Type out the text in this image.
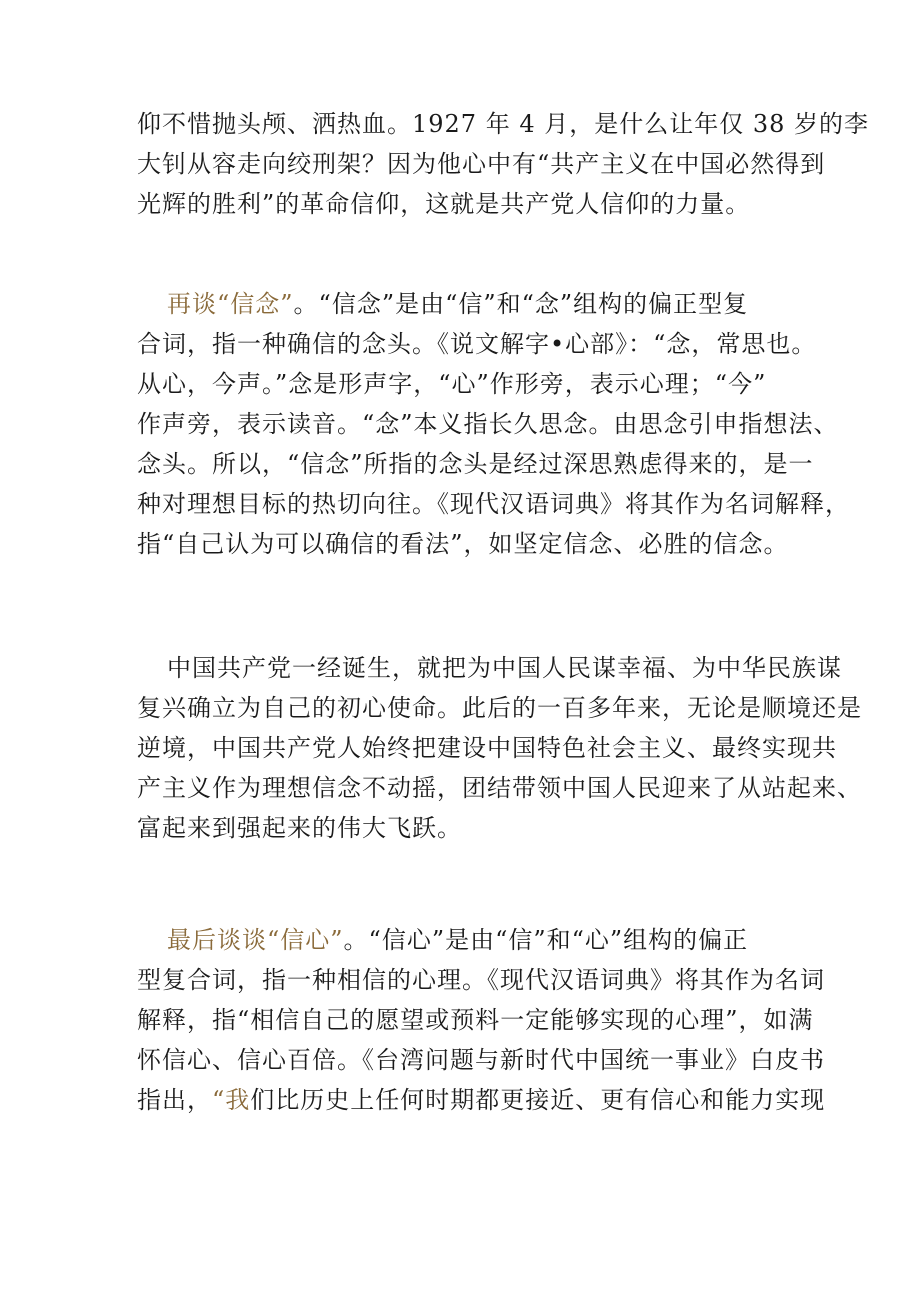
仰不惜抛头颅、洒热血。1927 年 4 月，是什么让年仅 38 岁的李
大钊从容走向绞刑架？因为他心中有“共产主义在中国必然得到
光辉的胜利”的革命信仰，这就是共产党人信仰的力量。
再谈“信念”。“信念”是由“信”和“念”组构的偏正型复
合词，指一种确信的念头。《说文解字•心部》：“念，常思也。
从心，今声。”念是形声字，“心”作形旁，表示心理；“今”
作声旁，表示读音。“念”本义指长久思念。由思念引申指想法、
念头。所以，“信念”所指的念头是经过深思熟虑得来的，是一
种对理想目标的热切向往。《现代汉语词典》将其作为名词解释，
指“自己认为可以确信的看法”，如坚定信念、必胜的信念。
中国共产党一经诞生，就把为中国人民谋幸福、为中华民族谋
复兴确立为自己的初心使命。此后的一百多年来，无论是顺境还是
逆境，中国共产党人始终把建设中国特色社会主义、最终实现共
产主义作为理想信念不动摇，团结带领中国人民迎来了从站起来、
富起来到强起来的伟大飞跃。
最后谈谈“信心”。“信心”是由“信”和“心”组构的偏正
型复合词，指一种相信的心理。《现代汉语词典》将其作为名词
解释，指“相信自己的愿望或预料一定能够实现的心理”，如满
怀信心、信心百倍。《台湾问题与新时代中国统一事业》白皮书
指出，“我们比历史上任何时期都更接近、更有信心和能力实现
